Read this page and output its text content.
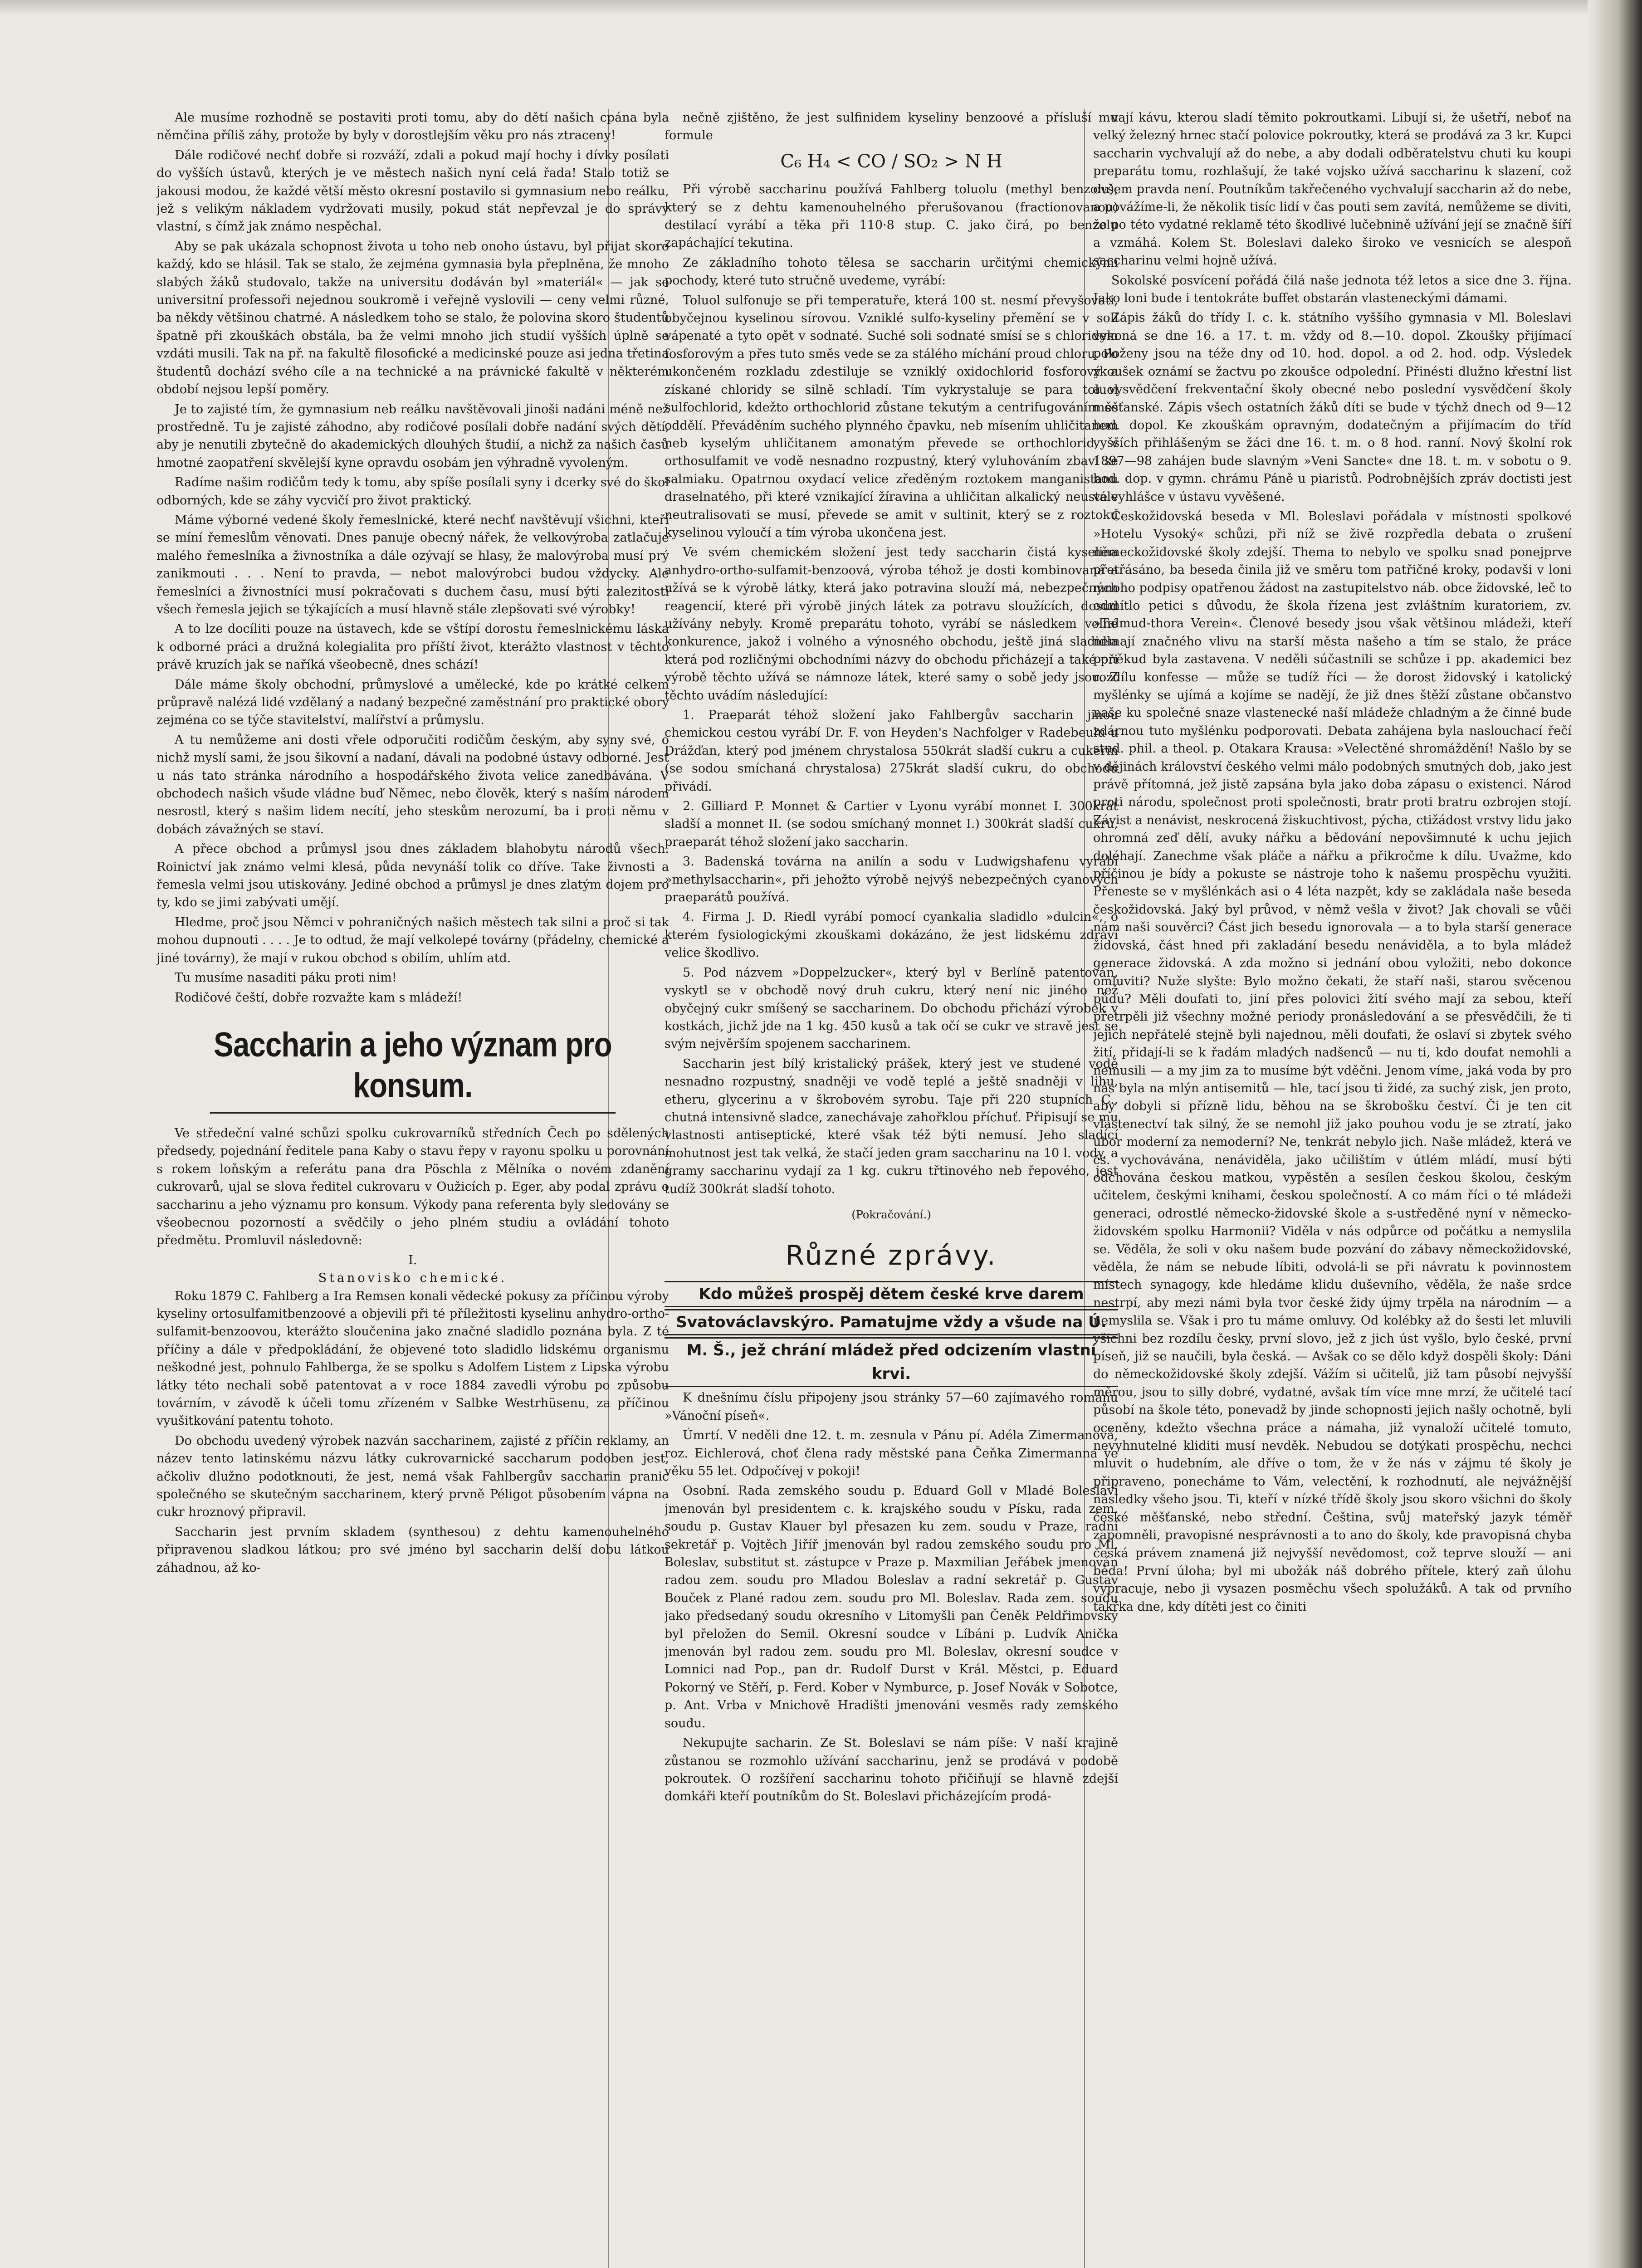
Ale musíme rozhodně se postaviti proti tomu, aby do dětí našich cpána byla němčina příliš záhy, protože by byly v dorostlejším věku pro nás ztraceny!

Dále rodičové nechť dobře si rozváží, zdali a pokud mají hochy i dívky posílati do vyšších ústavů, kterých je ve městech našich nyní celá řada! Stalo totiž se jakousi modou, že každé větší město okresní postavilo si gymnasium nebo reálku, jež s velikým nákladem vydržovati musily, pokud stát nepřevzal je do správy vlastní, s čímž jak známo nespěchal.

Aby se pak ukázala schopnost života u toho neb onoho ústavu, byl přijat skoro každý, kdo se hlásil. Tak se stalo, že zejména gymnasia byla přeplněna, že mnoho slabých žáků studovalo, takže na universitu dodáván byl »materiál« — jak se universitní professoři nejednou soukromě i veřejně vyslovili — ceny velmi různé, ba někdy většinou chatrné. A následkem toho se stalo, že polovina skoro študentů špatně při zkouškách obstála, ba že velmi mnoho jich studií vyšších úplně se vzdáti musili. Tak na př. na fakultě filosofické a medicinské pouze asi jedna třetina študentů dochází svého cíle a na technické a na právnické fakultě v některém období nejsou lepší poměry.

Je to zajisté tím, že gymnasium neb reálku navštěvovali jinoši nadáni méně než prostředně. Tu je zajisté záhodno, aby rodičové posílali dobře nadání svých dětí, aby je nenutili zbytečně do akademických dlouhých študií, a nichž za našich časů hmotné zaopatření skvělejší kyne opravdu osobám jen výhradně vyvoleným.

Radíme našim rodičům tedy k tomu, aby spíše posílali syny i dcerky své do škol odborných, kde se záhy vycvičí pro život praktický.

Máme výborné vedené školy řemeslnické, které nechť navštěvují všichni, kteří se míní řemeslům věnovati. Dnes panuje obecný nářek, že velkovýroba zatlačuje malého řemeslníka a živnostníka a dále ozývají se hlasy, že malovýroba musí prý zanikmouti . . . Není to pravda, — nebot malovýrobci budou vždycky. Ale řemeslníci a živnostníci musí pokračovati s duchem času, musí býti zalezitostí všech řemesla jejich se týkajících a musí hlavně stále zlepšovati své výrobky!

A to lze docíliti pouze na ústavech, kde se vštípí dorostu řemeslnickému láska k odborné práci a družná kolegialita pro příští život, kterážto vlastnost v těchto právě kruzích jak se naříká všeobecně, dnes schází!

Dále máme školy obchodní, průmyslové a umělecké, kde po krátké celkem průpravě nalézá lidé vzdělaný a nadaný bezpečné zaměstnání pro praktické obory zejména co se týče stavitelství, malířství a průmyslu.

A tu nemůžeme ani dosti vřele odporučiti rodičům českým, aby syny své, o nichž myslí sami, že jsou šikovní a nadaní, dávali na podobné ústavy odborné. Jest u nás tato stránka národního a hospodářského života velice zanedbávána. V obchodech našich všude vládne buď Němec, nebo člověk, který s naším národem nesrostl, který s našim lidem necítí, jeho steskům nerozumí, ba i proti němu v dobách závažných se staví.

A přece obchod a průmysl jsou dnes základem blahobytu národů všech. Roinictví jak známo velmi klesá, půda nevynáší tolik co dříve. Take živnosti a řemesla velmi jsou utiskovány. Jediné obchod a průmysl je dnes zlatým dojem pro ty, kdo se jimi zabývati umějí.

Hledme, proč jsou Němci v pohraničných našich městech tak silni a proč si tak mohou dupnouti . . . . Je to odtud, že mají velkolepé továrny (přádelny, chemické a jiné továrny), že mají v rukou obchod s obilím, uhlím atd.

Tu musíme nasaditi páku proti nim!

Rodičové čeští, dobře rozvažte kam s mládeží!

Saccharin a jeho význam pro konsum.

Ve středeční valné schůzi spolku cukrovarníků středních Čech po sdělených předsedy, pojednání ředitele pana Kaby o stavu řepy v rayonu spolku u porovnání s rokem loňským a referátu pana dra Pöschla z Mělníka o novém zdanění cukrovarů, ujal se slova ředitel cukrovaru v Oužicích p. Eger, aby podal zprávu o saccharinu a jeho významu pro konsum. Výkody pana referenta byly sledovány se všeobecnou pozorností a svědčily o jeho plném studiu a ovládání tohoto předmětu. Promluvil následovně:

I.
Stanovisko chemické.

Roku 1879 C. Fahlberg a Ira Remsen konali vědecké pokusy za příčinou výroby kyseliny ortosulfamitbenzoové a objevili při té příležitosti kyselinu anhydro-ortho-sulfamit-benzoovou, kterážto sloučenina jako značné sladidlo poznána byla. Z té příčiny a dále v předpokládání, že objevené toto sladidlo lidskému organismu neškodné jest, pohnulo Fahlberga, že se spolku s Adolfem Listem z Lipska výrobu látky této nechali sobě patentovat a v roce 1884 zavedli výrobu po způsobu továrním, v závodě k účeli tomu zřízeném v Salbke Westrhüsenu, za příčinou vyušitkování patentu tohoto.

Do obchodu uvedený výrobek nazván saccharinem, zajisté z příčin reklamy, an název tento latinskému názvu látky cukrovarnické saccharum podoben jest, ačkoliv dlužno podotknouti, že jest, nemá však Fahlbergův saccharin pranic společného se skutečným saccharinem, který prvně Péligot působením vápna na cukr hroznový připravil.

Saccharin jest prvním skladem (synthesou) z dehtu kamenouhelného připravenou sladkou látkou; pro své jméno byl saccharin delší dobu látkou záhadnou, až ko-

nečně zjištěno, že jest sulfinidem kyseliny benzoové a přísluší mu formule

C₆ H₄ < CO / SO₂ > N H

Při výrobě saccharinu používá Fahlberg toluolu (methyl benzolu), který se z dehtu kamenouhelného přerušovanou (fractionovanou) destilací vyrábí a těka při 110·8 stup. C. jako čirá, po benzolu zapáchající tekutina.

Ze základního tohoto tělesa se saccharin určitými chemickými pochody, které tuto stručně uvedeme, vyrábí:

Toluol sulfonuje se při temperatuře, která 100 st. nesmí převyšovati, obyčejnou kyselinou sírovou. Vzniklé sulfo-kyseliny přemění se v soli vápenaté a tyto opět v sodnaté. Suché soli sodnaté smísí se s chloridem fosforovým a přes tuto směs vede se za stálého míchání proud chloru. Po ukončeném rozkladu zdestiluje se vzniklý oxidochlorid fosforový a získané chloridy se silně schladí. Tím vykrystaluje se para toluol sulfochlorid, kdežto orthochlorid zůstane tekutým a centrifugováním se oddělí. Převáděním suchého plynného čpavku, neb mísením uhličitanem neb kyselým uhličitanem amonatým převede se orthochlorid, v orthosulfamit ve vodě nesnadno rozpustný, který vyluhováním zbaví se salmiaku. Opatrnou oxydací velice zředěným roztokem manganistanu draselnatého, při které vznikající žíravina a uhličitan alkalický neustále neutralisovati se musí, převede se amit v sultinit, který se z roztoku kyselinou vyloučí a tím výroba ukončena jest.

Ve svém chemickém složení jest tedy saccharin čistá kyselina anhydro-ortho-sulfamit-benzoová, výroba téhož je dosti kombinovaná a užívá se k výrobě látky, která jako potravina slouží má, nebezpečných reagencií, které při výrobě jiných látek za potravu sloužících, dosud užívány nebyly. Kromě preparátu tohoto, vyrábí se následkem volné konkurence, jakož i volného a výnosného obchodu, ještě jiná sladidla která pod rozličnými obchodními názvy do obchodu přicházejí a také při výrobě těchto užívá se námnoze látek, které samy o sobě jedy jsou. Z těchto uvádím následující:

1. Praeparát téhož složení jako Fahlbergův saccharin jinou chemickou cestou vyrábí Dr. F. von Heyden's Nachfolger v Radebeulu u Drážďan, který pod jménem chrystalosa 550krát sladší cukru a cukerin (se sodou smíchaná chrystalosa) 275krát sladší cukru, do obchodu přivádí.

2. Gilliard P. Monnet & Cartier v Lyonu vyrábí monnet I. 300krát sladší a monnet II. (se sodou smíchaný monnet I.) 300krát sladší cukru, praeparát téhož složení jako saccharin.

3. Badenská továrna na anilín a sodu v Ludwigshafenu vyrábí »methylsaccharin«, při jehožto výrobě nejvýš nebezpečných cyanových praeparátů používá.

4. Firma J. D. Riedl vyrábí pomocí cyankalia sladidlo »dulcin«, o kterém fysiologickými zkouškami dokázáno, že jest lidskému zdraví velice škodlivo.

5. Pod názvem »Doppelzucker«, který byl v Berlíně patentován, vyskytl se v obchodě nový druh cukru, který není nic jiného než obyčejný cukr smíšený se saccharinem. Do obchodu přichází výrobek v kostkách, jichž jde na 1 kg. 450 kusů a tak očí se cukr ve stravě jest se svým nejvěrším spojenem saccharinem.

Saccharin jest bílý kristalický prášek, který jest ve studené vodě nesnadno rozpustný, snadněji ve vodě teplé a ještě snadněji v lihu, etheru, glycerinu a v škrobovém syrobu. Taje při 220 stupních C., chutná intensivně sladce, zanechávaje zahořklou příchuť. Připisují se mu vlastnosti antiseptické, které však též býti nemusí. Jeho sladící mohutnost jest tak velká, že stačí jeden gram saccharinu na 10 l. vody, a gramy saccharinu vydají za 1 kg. cukru třtinového neb řepového, jest tudíž 300krát sladší tohoto.

(Pokračování.)
Různé zprávy.
Kdo můžeš prospěj dětem české krve darem
Svatováclavskýro. Pamatujme vždy a všude na Ú.
M. Š., jež chrání mládež před odcizením vlastní krvi.

K dnešnímu číslu připojeny jsou stránky 57—60 zajímavého románu »Vánoční píseň«.

Úmrtí. V neděli dne 12. t. m. zesnula v Pánu pí. Adéla Zimermanová, roz. Eichlerová, choť člena rady městské pana Čeňka Zimermanna ve věku 55 let. Odpočívej v pokoji!

Osobní. Rada zemského soudu p. Eduard Goll v Mladé Boleslavi jmenován byl presidentem c. k. krajského soudu v Písku, rada zem. soudu p. Gustav Klauer byl přesazen ku zem. soudu v Praze, radní sekretář p. Vojtěch Jiříř jmenován byl radou zemského soudu pro Ml. Boleslav, substitut st. zástupce v Praze p. Maxmilian Jeřábek jmenován radou zem. soudu pro Mladou Boleslav a radní sekretář p. Gustav Bouček z Plané radou zem. soudu pro Ml. Boleslav. Rada zem. soudu jako předsedaný soudu okresního v Litomyšli pan Čeněk Peldřimovský byl přeložen do Semil. Okresní soudce v Líbáni p. Ludvík Anička jmenován byl radou zem. soudu pro Ml. Boleslav, okresní soudce v Lomnici nad Pop., pan dr. Rudolf Durst v Král. Městci, p. Eduard Pokorný ve Stěří, p. Ferd. Kober v Nymburce, p. Josef Novák v Sobotce, p. Ant. Vrba v Mnichově Hradišti jmenováni vesměs rady zemského soudu.

Nekupujte sacharin. Ze St. Boleslavi se nám píše: V naší krajině zůstanou se rozmohlo užívání saccharinu, jenž se prodává v podobě pokroutek. O rozšíření saccharinu tohoto přičiňují se hlavně zdejší domkáři kteří poutníkům do St. Boleslavi přicházejícím prodá-

vají kávu, kterou sladí těmito pokroutkami. Libují si, že ušetří, neboť na velký železný hrnec stačí polovice pokroutky, která se prodává za 3 kr. Kupci saccharin vychvalují až do nebe, a aby dodali odběratelstvu chuti ku koupi preparátu tomu, rozhlašují, že také vojsko užívá saccharinu k slazení, což ovšem pravda není. Poutníkům takřečeného vychvalují saccharin až do nebe, a povážíme-li, že několik tisíc lidí v čas pouti sem zavítá, nemůžeme se diviti, že po této vydatné reklamě této škodlivé lučebnině užívání její se značně šíří a vzmáhá. Kolem St. Boleslavi daleko široko ve vesnicích se alespoň saccharinu velmi hojně užívá.

Sokolské posvícení pořádá čilá naše jednota též letos a sice dne 3. října. Jako loni bude i tentokráte buffet obstarán vlasteneckými dámami.

Zápis žáků do třídy I. c. k. státního vyššího gymnasia v Ml. Boleslavi vykoná se dne 16. a 17. t. m. vždy od 8.—10. dopol. Zkoušky přijímací položeny jsou na téže dny od 10. hod. dopol. a od 2. hod. odp. Výsledek zkoušek oznámí se žactvu po zkoušce odpolední. Přinésti dlužno křestní list a vysvědčení frekventační školy obecné nebo poslední vysvědčení školy měšťanské. Zápis všech ostatních žáků díti se bude v týchž dnech od 9—12 hod. dopol. Ke zkouškám opravným, dodatečným a přijímacím do tříd vyšších přihlášeným se žáci dne 16. t. m. o 8 hod. ranní. Nový školní rok 1897—98 zahájen bude slavným »Veni Sancte« dne 18. t. m. v sobotu o 9. hod. dop. v gymn. chrámu Páně u piaristů. Podrobnějších zpráv doctisti jest ve vyhlášce v ústavu vyvěšené.

Českožidovská beseda v Ml. Boleslavi pořádala v místnosti spolkové »Hotelu Vysoký« schůzi, při níž se živě rozpředla debata o zrušení německožidovské školy zdejší. Thema to nebylo ve spolku snad ponejprve přetřásáno, ba beseda činila již ve směru tom patřičné kroky, podavši v loni mnoho podpisy opatřenou žádost na zastupitelstvo náb. obce židovské, leč to odmítlo petici s důvodu, že škola řízena jest zvláštním kuratoriem, zv. »Talmud-thora Verein«. Členové besedy jsou však většinou mládeži, kteří nemají značného vlivu na starší města našeho a tím se stalo, že práce poněkud byla zastavena. V neděli súčastnili se schůze i pp. akademici bez rozdílu konfesse — může se tudíž říci — že dorost židovský i katolický myšlénky se ujímá a kojíme se nadějí, že již dnes štěží zůstane občanstvo naše ku společné snaze vlastenecké naší mládeže chladným a že činné bude zdárnou tuto myšlénku podporovati. Debata zahájena byla naslouchací řečí stud. phil. a theol. p. Otakara Krausa: »Velectěné shromáždění! Našlo by se v dějinách království českého velmi málo podobných smutných dob, jako jest právě přítomná, jež jistě zapsána byla jako doba zápasu o existenci. Národ proti národu, společnost proti společnosti, bratr proti bratru ozbrojen stojí. Závist a nenávist, neskrocená žiskuchtivost, pýcha, ctižádost vrstvy lidu jako ohromná zeď dělí, avuky nářku a bědování nepovšimnuté k uchu jejich doléhají. Zanechme však pláče a nářku a přikročme k dílu. Uvažme, kdo příčinou je bídy a pokuste se nástroje toho k našemu prospěchu využiti. Přeneste se v myšlénkách asi o 4 léta nazpět, kdy se zakládala naše beseda českožidovská. Jaký byl průvod, v němž vešla v život? Jak chovali se vůči nám naši souvěrci? Část jich besedu ignorovala — a to byla starší generace židovská, část hned při zakladání besedu nenáviděla, a to byla mládež generace židovská. A zda možno si jednání obou vyložiti, nebo dokonce omluviti? Nuže slyšte: Bylo možno čekati, že staří naši, starou svěcenou půdu? Měli doufati to, jiní přes polovici žití svého mají za sebou, kteří přetrpěli již všechny možné periody pronásledování a se přesvědčili, že ti jejich nepřátelé stejně byli najednou, měli doufati, že oslaví si zbytek svého žití, přidají-li se k řadám mladých nadšenců — nu ti, kdo doufat nemohli a nemusili — a my jim za to musíme být vděčni. Jenom víme, jaká voda by pro nás byla na mlýn antisemitů — hle, tací jsou ti židé, za suchý zisk, jen proto, aby dobyli si přízně lidu, běhou na se škrobošku čeství. Či je ten cit vlastenectví tak silný, že se nemohl již jako pouhou vodu je se ztratí, jako ubor moderní za nemoderní? Ne, tenkrát nebylo jich. Naše mládež, která ve čs. vychovávána, nenáviděla, jako učilištím v útlém mládí, musí býti odchována českou matkou, vypěstěn a sesílen českou školou, českým učitelem, českými knihami, českou společností. A co mám říci o té mládeži generaci, odrostlé německo-židovské škole a s-ustředěné nyní v německo-židovském spolku Harmonii? Viděla v nás odpůrce od počátku a nemyslila se. Věděla, že soli v oku našem bude pozvání do zábavy německožidovské, věděla, že nám se nebude líbiti, odvolá-li se při návratu k povinnostem místech synagogy, kde hledáme klidu duševního, věděla, že naše srdce nestrpí, aby mezi námi byla tvor české židy újmy trpěla na národním — a nemyslila se. Však i pro tu máme omluvy. Od kolébky až do šesti let mluvili všichni bez rozdílu česky, první slovo, jež z jich úst vyšlo, bylo české, první píseň, již se naučili, byla česká. — Avšak co se dělo když dospěli školy: Dáni do německožidovské školy zdejší. Vážím si učitelů, již tam působí nejvyšší měrou, jsou to silly dobré, vydatné, avšak tím více mne mrzí, že učitelé tací působí na škole této, ponevadž by jinde schopnosti jejich našly ochotně, byli oceněny, kdežto všechna práce a námaha, již vynaloží učitelé tomuto, nevyhnutelné kliditi musí nevděk. Nebudou se dotýkati prospěchu, nechci mluvit o hudebním, ale dříve o tom, že v že nás v zájmu té školy je připraveno, ponecháme to Vám, velectění, k rozhodnutí, ale nejvážnější následky všeho jsou. Ti, kteří v nízké třídě školy jsou skoro všichni do školy české měšťanské, nebo střední. Čeština, svůj mateřský jazyk téměř zapomněli, pravopisné nesprávnosti a to ano do školy, kde pravopisná chyba česká právem znamená již nejvyšší nevědomost, což teprve slouží — ani běda! První úloha; byl mi ubožák náš dobrého přítele, který zaň úlohu vypracuje, nebo ji vysazen posměchu všech spolužáků. A tak od prvního takřka dne, kdy dítěti jest co činiti
